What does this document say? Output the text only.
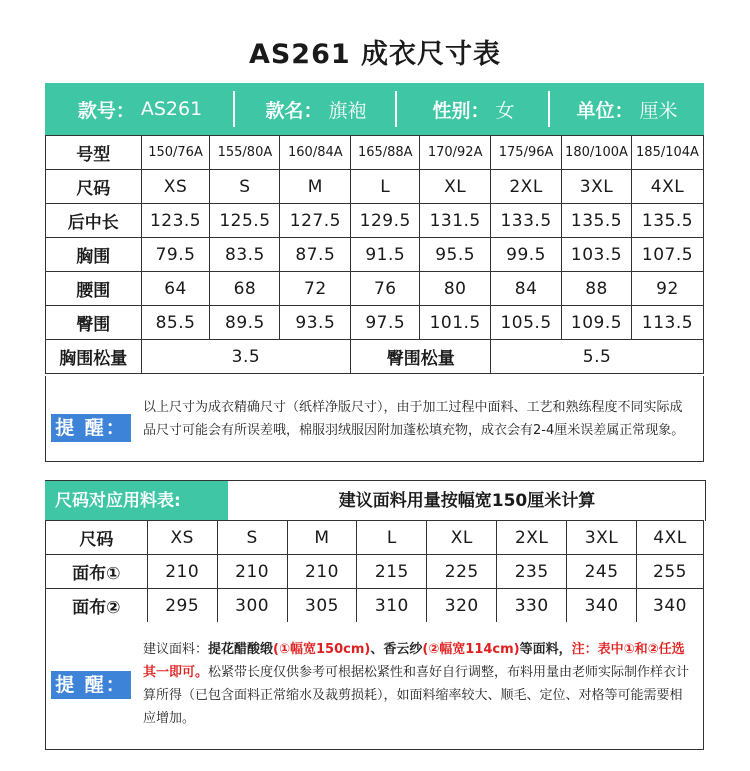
AS261 成衣尺寸表
款号： AS261	款名： 旗袍	性别： 女	单位： 厘米
号型	150/76A	155/80A	160/84A	165/88A	170/92A	175/96A	180/100A	185/104A
尺码	XS	S	M	L	XL	2XL	3XL	4XL
后中长	123.5	125.5	127.5	129.5	131.5	133.5	135.5	135.5
胸围	79.5	83.5	87.5	91.5	95.5	99.5	103.5	107.5
腰围	64	68	72	76	80	84	88	92
臀围	85.5	89.5	93.5	97.5	101.5	105.5	109.5	113.5
胸围松量	3.5			臀围松量		5.5		
提 醒：
以上尺寸为成衣精确尺寸（纸样净版尺寸），由于加工过程中面料、工艺和熟练程度不同实际成品尺寸可能会有所误差哦，棉服羽绒服因附加蓬松填充物，成衣会有2-4厘米误差属正常现象。
尺码对应用料表:	建议面料用量按幅宽150厘米计算
尺码	XS	S	M	L	XL	2XL	3XL	4XL
面布①	210	210	210	215	225	235	245	255
面布②	295	300	305	310	320	330	340	340
提 醒：
建议面料：提花醋酸缎(①幅宽150cm)、香云纱(②幅宽114cm)等面料，注：表中①和②任选其一即可。松紧带长度仅供参考可根据松紧性和喜好自行调整，布料用量由老师实际制作样衣计算所得（已包含面料正常缩水及裁剪损耗），如面料缩率较大、顺毛、定位、对格等可能需要相应增加。
